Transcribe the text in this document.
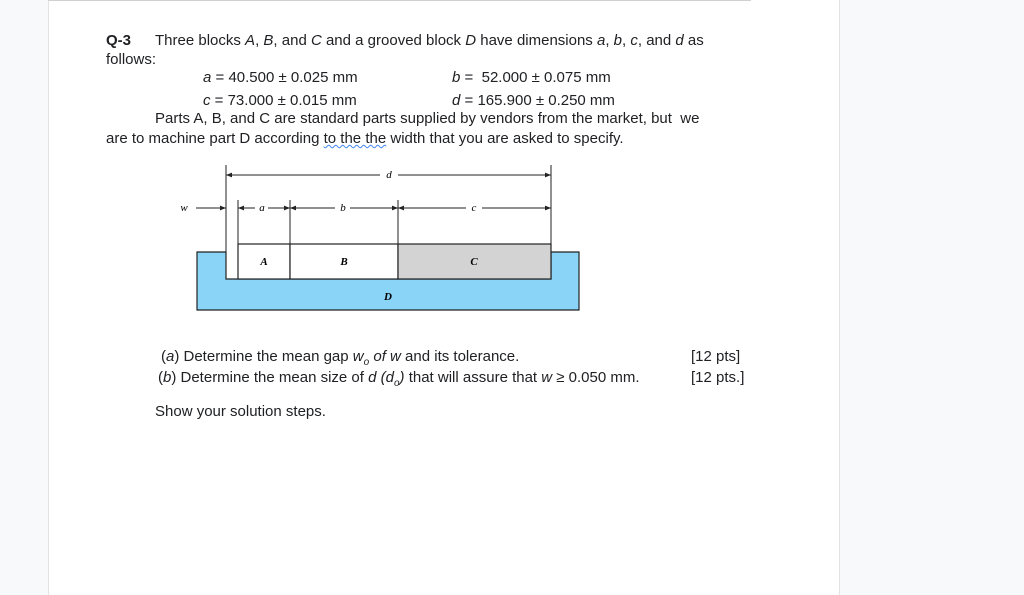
Q-3 Three blocks A, B, and C and a grooved block D have dimensions a, b, c, and d as
follows:
a = 40.500 ± 0.025 mm	b =  52.000 ± 0.075 mm
c = 73.000 ± 0.015 mm	d = 165.900 ± 0.250 mm
Parts A, B, and C are standard parts supplied by vendors from the market, but  we
are to machine part D according to the the width that you are asked to specify.
d
w	a	b	c
A	B	C
D
(a) Determine the mean gap $w_o$ of w and its tolerance.	[12 pts]
(b) Determine the mean size of d $(d_o)$ that will assure that w ≥ 0.050 mm.	[12 pts.]
Show your solution steps.
